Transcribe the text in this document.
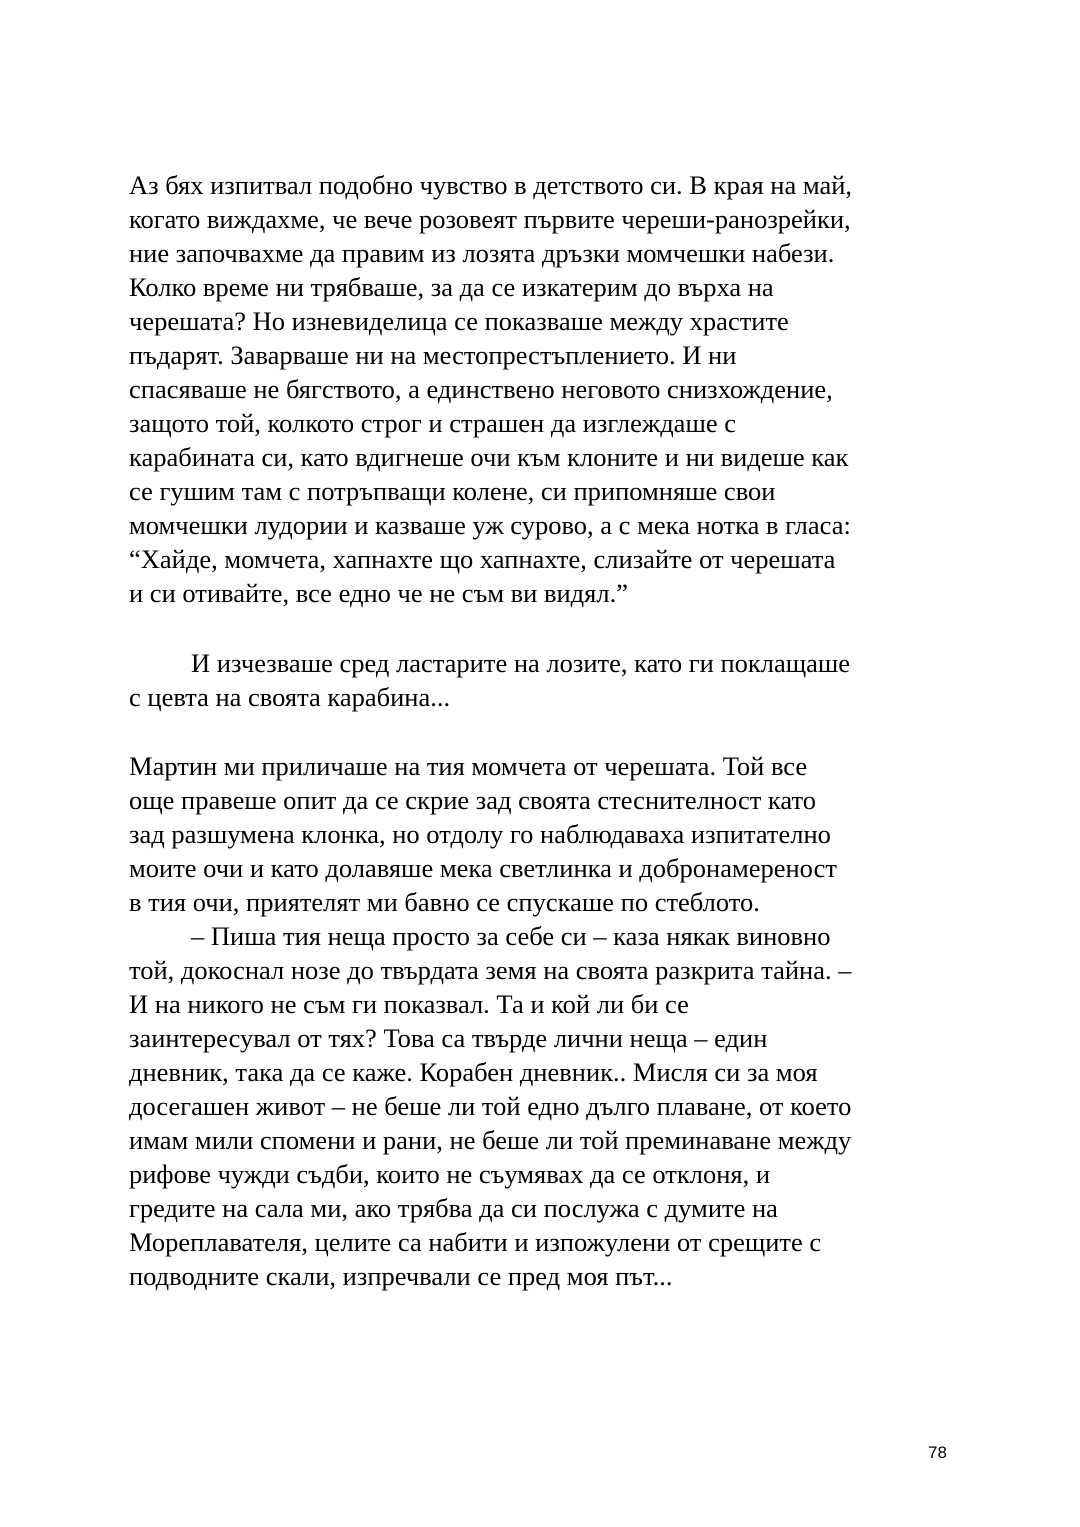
Аз бях изпитвал подобно чувство в детството си. В края на май,
когато виждахме, че вече розовеят първите череши-ранозрейки,
ние започвахме да правим из лозята дръзки момчешки набези.
Колко време ни трябваше, за да се изкатерим до върха на
черешата? Но изневиделица се показваше между храстите
пъдарят. Заварваше ни на местопрестъплението. И ни
спасяваше не бягството, а единствено неговото снизхождение,
защото той, колкото строг и страшен да изглеждаше с
карабината си, като вдигнеше очи към клоните и ни видеше как
се гушим там с потръпващи колене, си припомняше свои
момчешки лудории и казваше уж сурово, а с мека нотка в гласа:
“Хайде, момчета, хапнахте що хапнахте, слизайте от черешата
и си отивайте, все едно че не съм ви видял.”
И изчезваше сред ластарите на лозите, като ги поклащаше
с цевта на своята карабина...
Мартин ми приличаше на тия момчета от черешата. Той все
още правеше опит да се скрие зад своята стеснителност като
зад разшумена клонка, но отдолу го наблюдаваха изпитателно
моите очи и като долавяше мека светлинка и добронамереност
в тия очи, приятелят ми бавно се спускаше по стеблото.
– Пиша тия неща просто за себе си – каза някак виновно
той, докоснал нозе до твърдата земя на своята разкрита тайна. –
И на никого не съм ги показвал. Та и кой ли би се
заинтересувал от тях? Това са твърде лични неща – един
дневник, така да се каже. Корабен дневник.. Мисля си за моя
досегашен живот – не беше ли той едно дълго плаване, от което
имам мили спомени и рани, не беше ли той преминаване между
рифове чужди съдби, които не съумявах да се отклоня, и
гредите на сала ми, ако трябва да си послужа с думите на
Мореплавателя, целите са набити и изпожулени от срещите с
подводните скали, изпречвали се пред моя път...
78
